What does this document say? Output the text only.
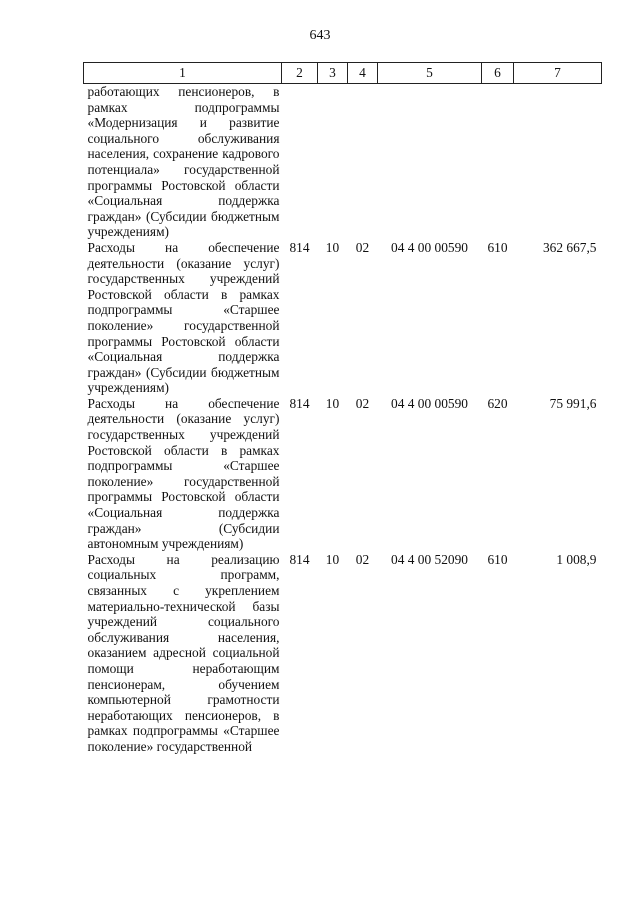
643
1	2	3	4	5	6	7
работающих пенсионеров, в рамках подпрограммы «Модернизация и развитие социального обслуживания населения, сохранение кадрового потенциала» государственной программы Ростовской области «Социальная поддержка граждан» (Субсидии бюджетным учреждениям)						
Расходы на обеспечение деятельности (оказание услуг) государственных учреждений Ростовской области в рамках подпрограммы «Старшее поколение» государственной программы Ростовской области «Социальная поддержка граждан» (Субсидии бюджетным учреждениям)	814	10	02	04 4 00 00590	610	362 667,5
Расходы на обеспечение деятельности (оказание услуг) государственных учреждений Ростовской области в рамках подпрограммы «Старшее поколение» государственной программы Ростовской области «Социальная поддержка граждан» (Субсидии автономным учреждениям)	814	10	02	04 4 00 00590	620	75 991,6
Расходы на реализацию социальных программ, связанных с укреплением материально-технической базы учреждений социального обслуживания населения, оказанием адресной социальной помощи неработающим пенсионерам, обучением компьютерной грамотности неработающих пенсионеров, в рамках подпрограммы «Старшее поколение» государственной	814	10	02	04 4 00 52090	610	1 008,9
